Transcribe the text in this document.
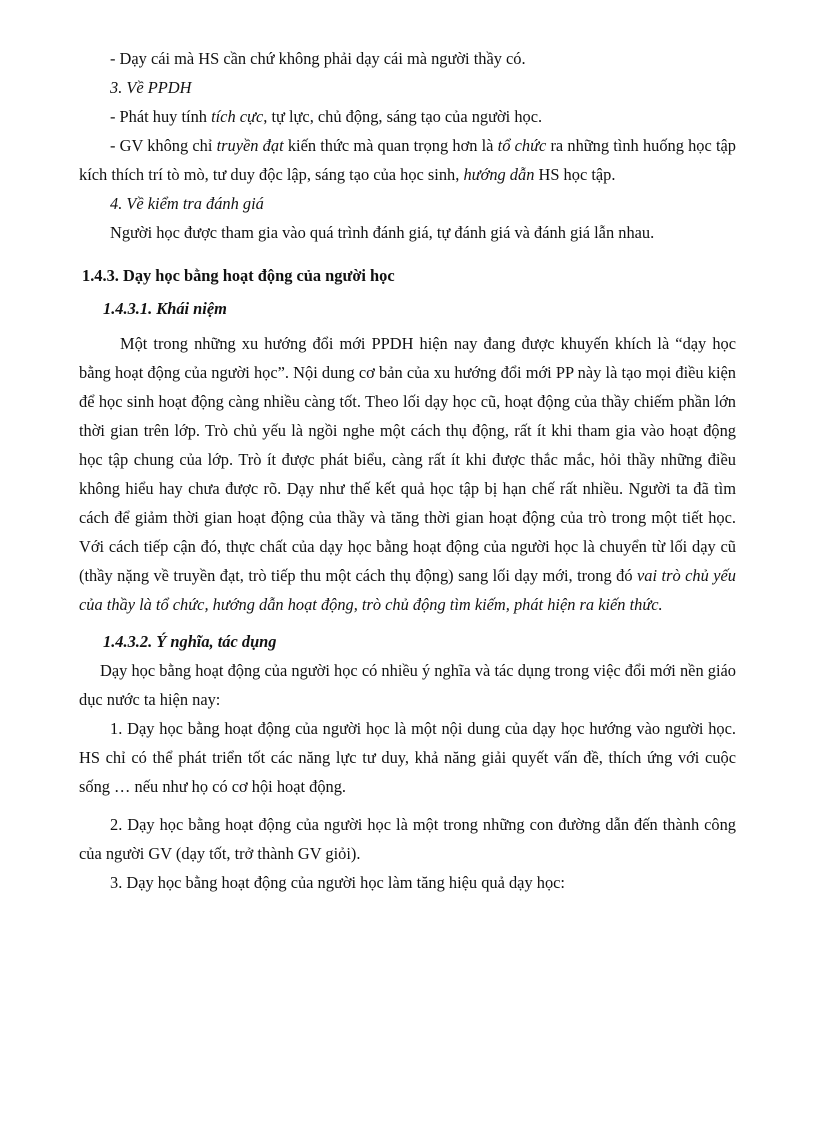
- Dạy cái mà HS cần chứ không phải dạy cái mà người thầy có.

3. Về PPDH

- Phát huy tính tích cực, tự lực, chủ động, sáng tạo của người học.

- GV không chỉ truyền đạt kiến thức mà quan trọng hơn là tổ chức ra những tình huống học tập kích thích trí tò mò, tư duy độc lập, sáng tạo của học sinh, hướng dẫn HS học tập.

4. Về kiểm tra đánh giá

Người học được tham gia vào quá trình đánh giá, tự đánh giá và đánh giá lẫn nhau.

1.4.3. Dạy học bằng hoạt động của người học

1.4.3.1. Khái niệm

Một trong những xu hướng đổi mới PPDH hiện nay đang được khuyến khích là “dạy học bằng hoạt động của người học”. Nội dung cơ bản của xu hướng đổi mới PP này là tạo mọi điều kiện để học sinh hoạt động càng nhiều càng tốt. Theo lối dạy học cũ, hoạt động của thầy chiếm phần lớn thời gian trên lớp. Trò chủ yếu là ngồi nghe một cách thụ động, rất ít khi tham gia vào hoạt động học tập chung của lớp. Trò ít được phát biểu, càng rất ít khi được thắc mắc, hỏi thầy những điều không hiểu hay chưa được rõ. Dạy như thế kết quả học tập bị hạn chế rất nhiều. Người ta đã tìm cách để giảm thời gian hoạt động của thầy và tăng thời gian hoạt động của trò trong một tiết học. Với cách tiếp cận đó, thực chất của dạy học bằng hoạt động của người học là chuyển từ lối dạy cũ (thầy nặng về truyền đạt, trò tiếp thu một cách thụ động) sang lối dạy mới, trong đó vai trò chủ yếu của thầy là tổ chức, hướng dẫn hoạt động, trò chủ động tìm kiếm, phát hiện ra kiến thức.

1.4.3.2. Ý nghĩa, tác dụng

Dạy học bằng hoạt động của người học có nhiều ý nghĩa và tác dụng trong việc đổi mới nền giáo dục nước ta hiện nay:

1. Dạy học bằng hoạt động của người học là một nội dung của dạy học hướng vào người học. HS chỉ có thể phát triển tốt các năng lực tư duy, khả năng giải quyết vấn đề, thích ứng với cuộc sống … nếu như họ có cơ hội hoạt động.

2. Dạy học bằng hoạt động của người học là một trong những con đường dẫn đến thành công của người GV (dạy tốt, trở thành GV giỏi).

3. Dạy học bằng hoạt động của người học làm tăng hiệu quả dạy học:
